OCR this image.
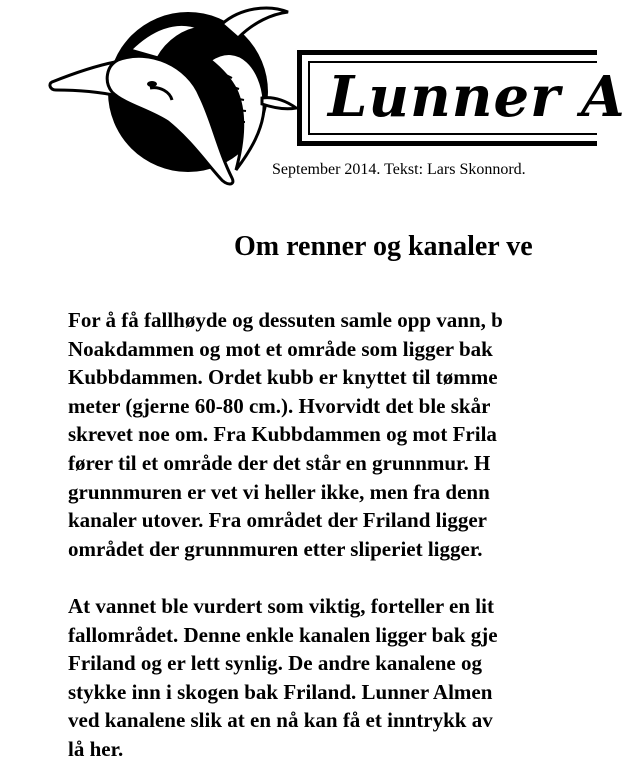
Lunner A
September 2014. Tekst: Lars Skonnord.
Om renner og kanaler ve

For å få fallhøyde og dessuten samle opp vann, b
Noakdammen og mot et område som ligger bak
Kubbdammen. Ordet kubb er knyttet til tømme
meter (gjerne 60-80 cm.). Hvorvidt det ble skår
skrevet noe om. Fra Kubbdammen og mot Frila
fører til et område der det står en grunnmur. H
grunnmuren er vet vi heller ikke, men fra denn
kanaler utover. Fra området der Friland ligger
området der grunnmuren etter sliperiet ligger.

At vannet ble vurdert som viktig, forteller en lit
fallområdet. Denne enkle kanalen ligger bak gje
Friland og er lett synlig. De andre kanalene og
stykke inn i skogen bak Friland. Lunner Almen
ved kanalene slik at en nå kan få et inntrykk av
lå her.
